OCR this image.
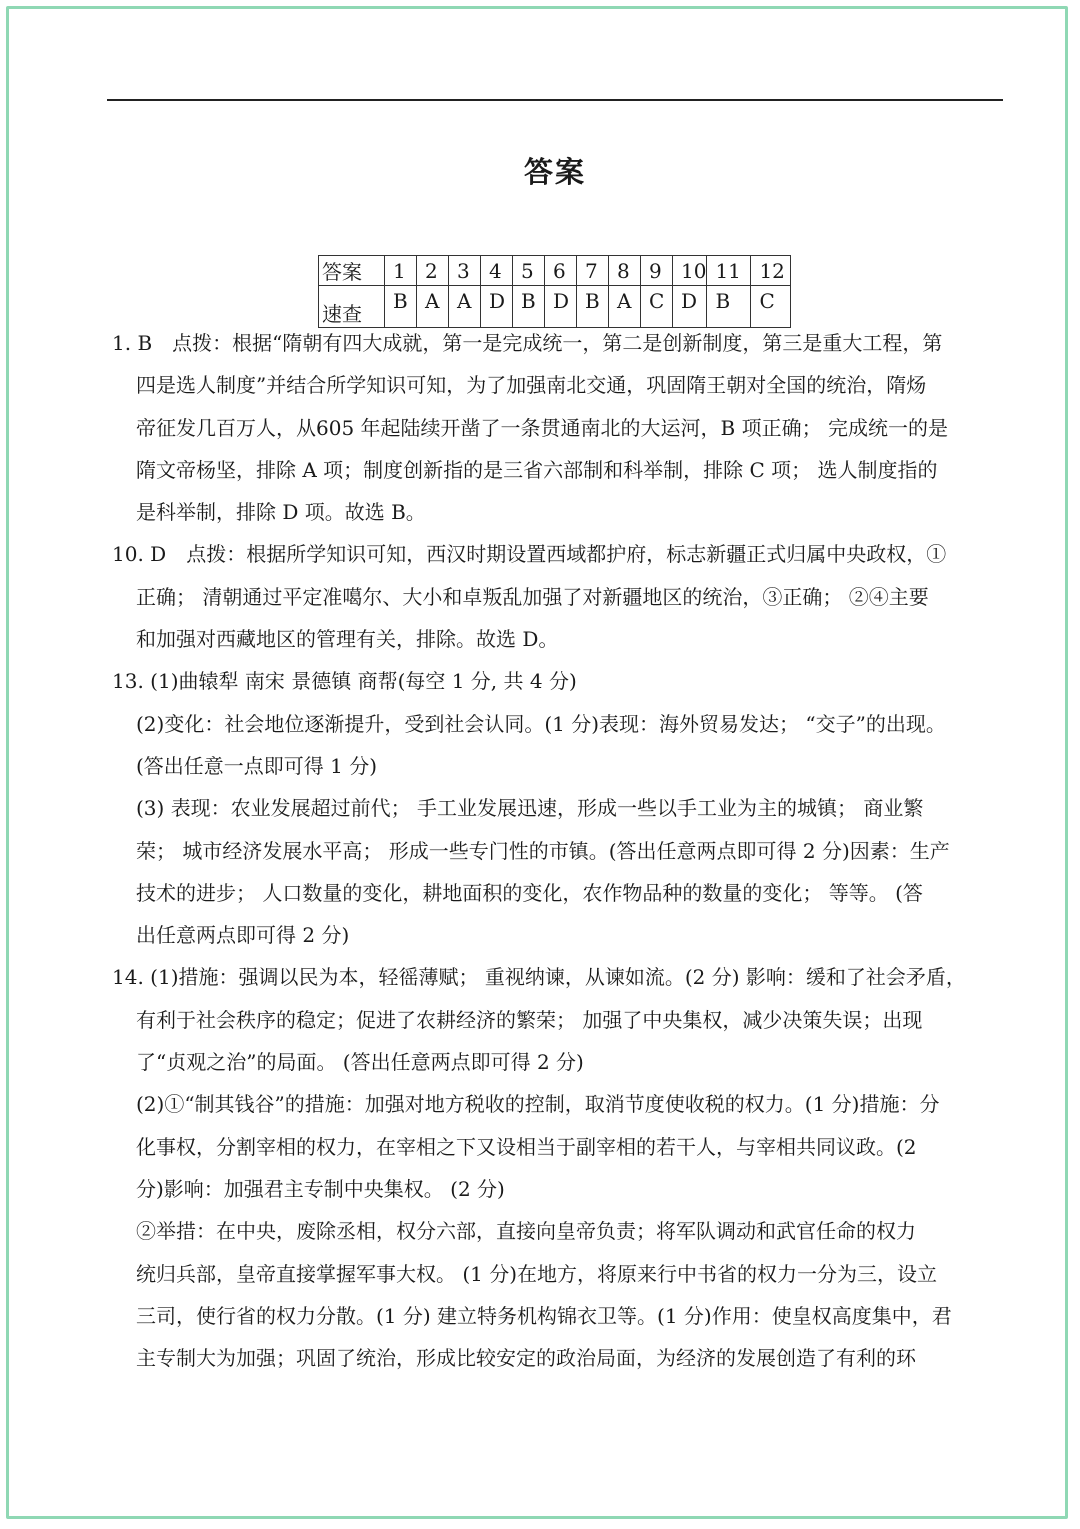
答案
答案	1	2	3	4	5	6	7	8	9	10	11	12
速查	B	A	A	D	B	D	B	A	C	D	B	C
1. B　点拨：根据“隋朝有四大成就，第一是完成统一，第二是创新制度，第三是重大工程，第
四是选人制度”并结合所学知识可知，为了加强南北交通，巩固隋王朝对全国的统治，隋炀
帝征发几百万人，从605 年起陆续开凿了一条贯通南北的大运河，B 项正确； 完成统一的是
隋文帝杨坚，排除 A 项；制度创新指的是三省六部制和科举制，排除 C 项； 选人制度指的
是科举制，排除 D 项。故选 B。
10. D　点拨：根据所学知识可知，西汉时期设置西域都护府，标志新疆正式归属中央政权，①
正确； 清朝通过平定准噶尔、大小和卓叛乱加强了对新疆地区的统治，③正确； ②④主要
和加强对西藏地区的管理有关，排除。故选 D。
13. (1)曲辕犁 南宋 景德镇 商帮(每空 1 分, 共 4 分)
(2)变化：社会地位逐渐提升，受到社会认同。(1 分)表现：海外贸易发达； “交子”的出现。
(答出任意一点即可得 1 分)
(3) 表现：农业发展超过前代； 手工业发展迅速，形成一些以手工业为主的城镇； 商业繁
荣； 城市经济发展水平高； 形成一些专门性的市镇。(答出任意两点即可得 2 分)因素：生产
技术的进步； 人口数量的变化，耕地面积的变化，农作物品种的数量的变化； 等等。 (答
出任意两点即可得 2 分)
14. (1)措施：强调以民为本，轻徭薄赋； 重视纳谏，从谏如流。(2 分) 影响：缓和了社会矛盾，
有利于社会秩序的稳定；促进了农耕经济的繁荣； 加强了中央集权，减少决策失误；出现
了“贞观之治”的局面。 (答出任意两点即可得 2 分)
(2)①“制其钱谷”的措施：加强对地方税收的控制，取消节度使收税的权力。(1 分)措施：分
化事权，分割宰相的权力，在宰相之下又设相当于副宰相的若干人，与宰相共同议政。(2
分)影响：加强君主专制中央集权。 (2 分)
②举措：在中央，废除丞相，权分六部，直接向皇帝负责；将军队调动和武官任命的权力
统归兵部，皇帝直接掌握军事大权。 (1 分)在地方，将原来行中书省的权力一分为三，设立
三司，使行省的权力分散。(1 分) 建立特务机构锦衣卫等。(1 分)作用：使皇权高度集中，君
主专制大为加强；巩固了统治，形成比较安定的政治局面，为经济的发展创造了有利的环
